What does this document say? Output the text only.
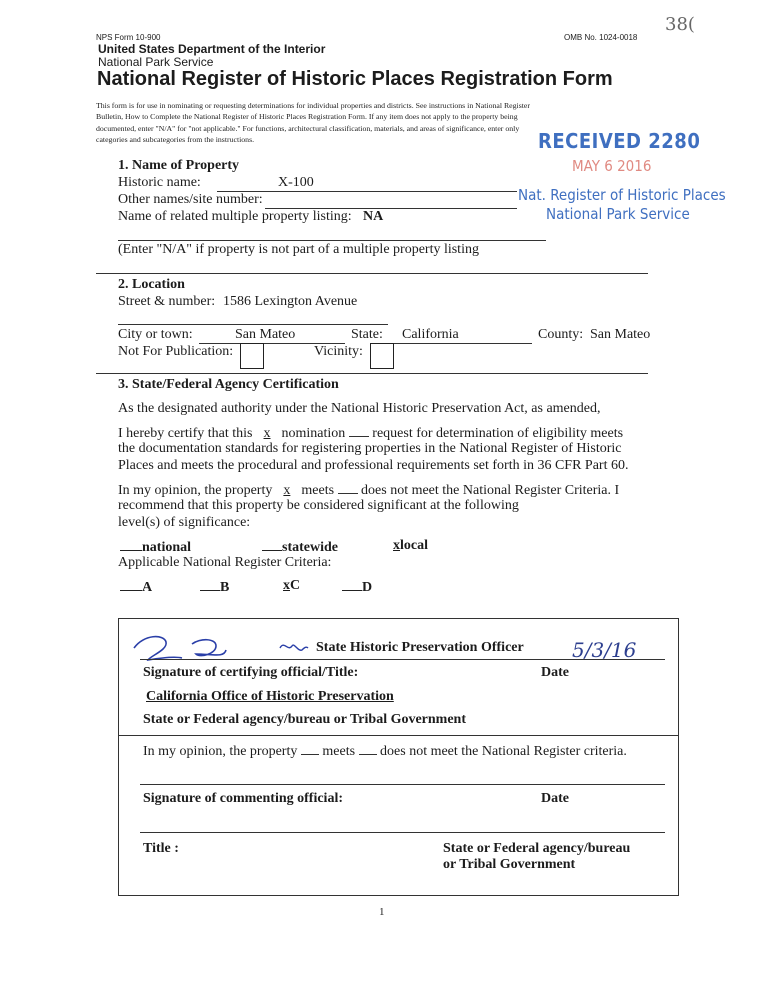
NPS Form 10-900	OMB No. 1024-0018
38(
United States Department of the Interior
National Park Service
National Register of Historic Places Registration Form
This form is for use in nominating or requesting determinations for individual properties and districts. See instructions in National Register
Bulletin, How to Complete the National Register of Historic Places Registration Form. If any item does not apply to the property being
documented, enter "N/A" for "not applicable." For functions, architectural classification, materials, and areas of significance, enter only
categories and subcategories from the instructions.	RECEIVED 2280
MAY 6 2016
Nat. Register of Historic Places
National Park Service
1. Name of Property
Historic name:	X-100
Other names/site number:
Name of related multiple property listing: NA
(Enter "N/A" if property is not part of a multiple property listing
2. Location
Street & number: 1586 Lexington Avenue
City or town:	San Mateo	State: California	County: San Mateo
Not For Publication:	Vicinity:
3. State/Federal Agency Certification
As the designated authority under the National Historic Preservation Act, as amended,
I hereby certify that this x nomination request for determination of eligibility meets
the documentation standards for registering properties in the National Register of Historic
Places and meets the procedural and professional requirements set forth in 36 CFR Part 60.
In my opinion, the property x meets does not meet the National Register Criteria. I
recommend that this property be considered significant at the following
level(s) of significance:
national	statewide	xlocal
Applicable National Register Criteria:
A	B	xC	D
State Historic Preservation Officer 5/3/16
Signature of certifying official/Title:	Date
California Office of Historic Preservation
State or Federal agency/bureau or Tribal Government
In my opinion, the property meets does not meet the National Register criteria.
Signature of commenting official:	Date
Title :	State or Federal agency/bureau
or Tribal Government
1
